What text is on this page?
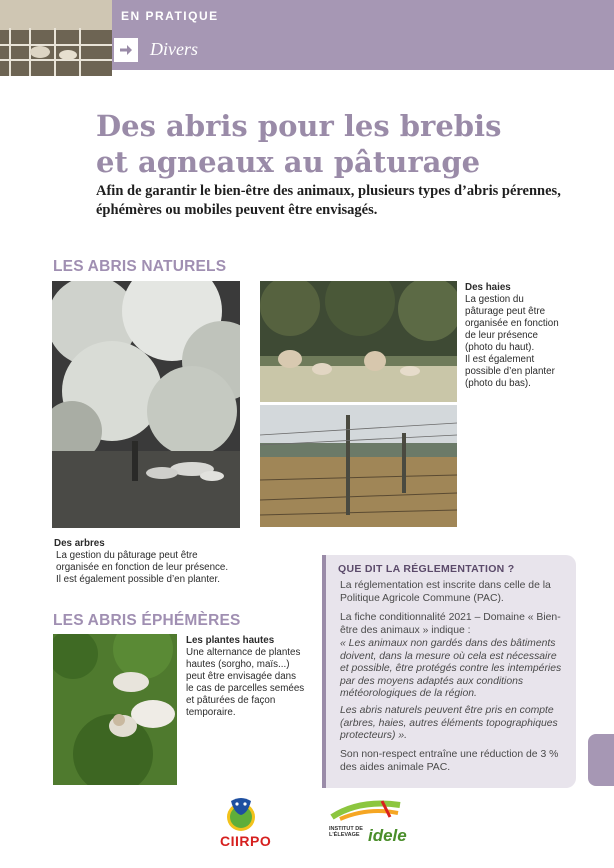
EN PRATIQUE
Divers
Des abris pour les brebis
et agneaux au pâturage
Afin de garantir le bien-être des animaux, plusieurs types d’abris pérennes, éphémères ou mobiles peuvent être envisagés.
LES ABRIS NATURELS
Des arbres
La gestion du pâturage peut être organisée en fonction de leur présence. Il est également possible d’en planter.
Des haies
La gestion du pâturage peut être organisée en fonction de leur présence (photo du haut).
Il est également possible d’en planter (photo du bas).
LES ABRIS ÉPHÉMÈRES
Les plantes hautes
Une alternance de plantes hautes (sorgho, maïs...) peut être envisagée dans le cas de parcelles semées et pâturées de façon temporaire.
QUE DIT LA RÉGLEMENTATION ?

La réglementation est inscrite dans celle de la Politique Agricole Commune (PAC).

La fiche conditionnalité 2021 – Domaine « Bien-être des animaux » indique :

« Les animaux non gardés dans des bâtiments doivent, dans la mesure où cela est nécessaire et possible, être protégés contre les intempéries par des moyens adaptés aux conditions météorologiques de la région.

Les abris naturels peuvent être pris en compte (arbres, haies, autres éléments topographiques protecteurs) ».

Son non-respect entraîne une réduction de 3 % des aides animale PAC.

CIIRPO
INSTITUT DE L'ÉLEVAGE idele
